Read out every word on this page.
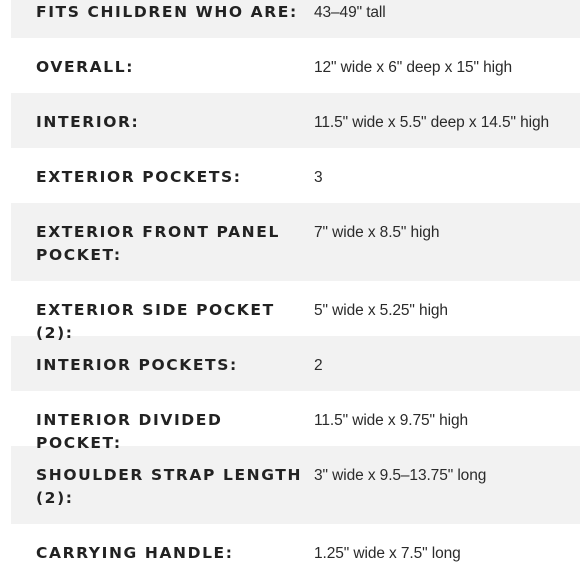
FITS CHILDREN WHO ARE:	43–49" tall
OVERALL:	12" wide x 6" deep x 15" high
INTERIOR:	11.5" wide x 5.5" deep x 14.5" high
EXTERIOR POCKETS:	3
EXTERIOR FRONT PANEL POCKET:
7" wide x 8.5" high
EXTERIOR SIDE POCKET (2):
5" wide x 5.25" high
INTERIOR POCKETS:	2
INTERIOR DIVIDED POCKET:
11.5" wide x 9.75" high
SHOULDER STRAP LENGTH (2):
3" wide x 9.5–13.75" long
CARRYING HANDLE:	1.25" wide x 7.5" long
